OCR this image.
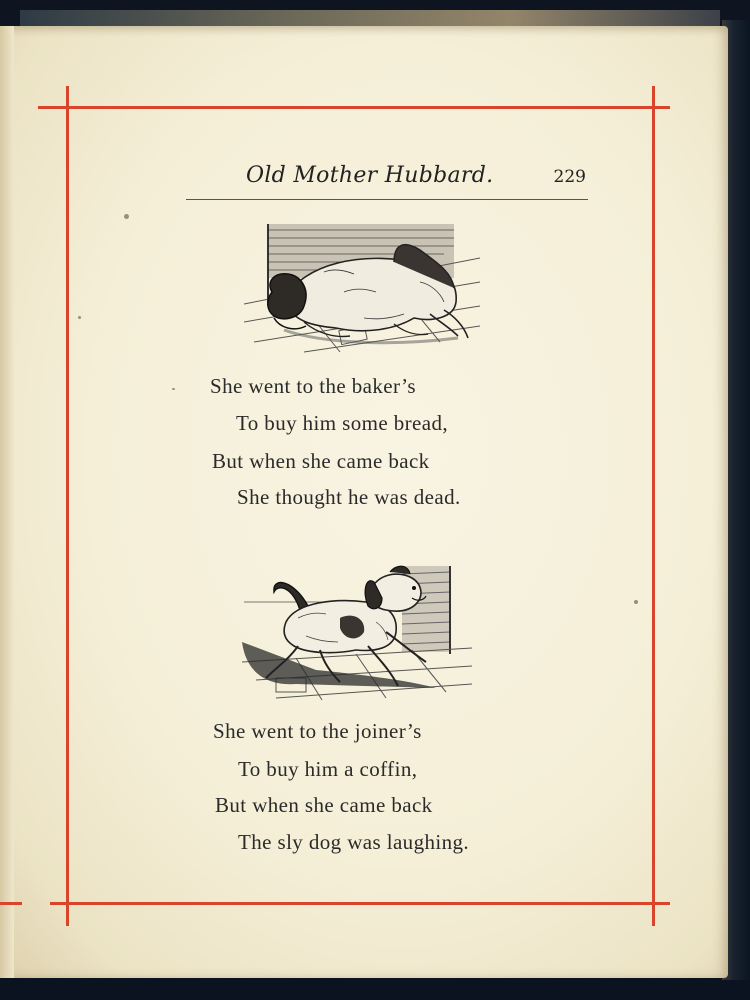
Old Mother Hubbard.	229
She went to the baker’s
To buy him some bread,
But when she came back
She thought he was dead.
She went to the joiner’s
To buy him a coffin,
But when she came back
The sly dog was laughing.
